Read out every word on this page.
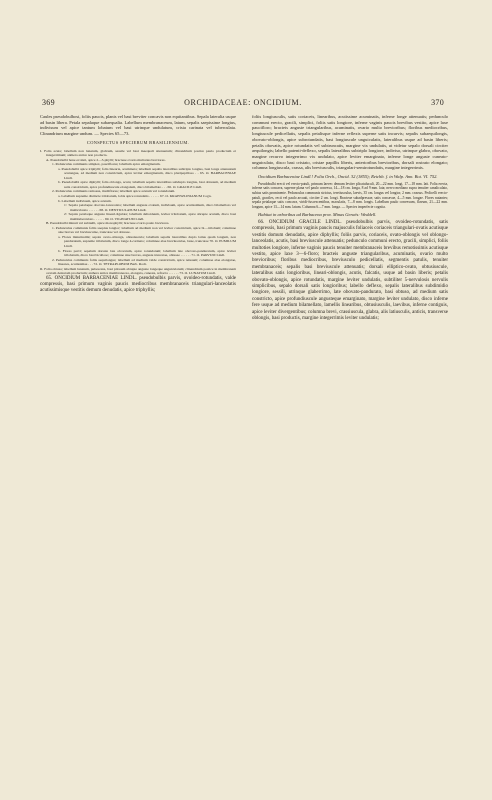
369	ORCHIDACEAE: ONCIDIUM.	370

Caules pseudobulbosi, foliis paucis, planis vel basi breviter concavis non equitantibus. Sepala lateralia usque ad basin libera. Petala sepalaque subaequalia. Labellum membranaceum, latum, sepalis saepissime longius, indivisum vel apice tantum lobatum vel basi utrinque undulatum, crista carinata vel tuberculata. Clinandrium margine undum. — Species 65—73.

CONSPECTUS SPECIERUM BRASILIENSIUM.
I. Folia acuta; labellum non lunatum, glabrum, sessile vel basi inaequali attenuatum; clinandrium postice paulo productum et integerrimum; anthera antice non producta.
A. Pseudobulbi bene evoluti, apice 2—3-phylli; bracteae ovario multoties breviores.
1. Pedunculus communis simplex, pauciflorus; labellum apice emarginatum.
a. Pseudobulbi apice triphylli; folia linearia, acuminata; labellum sepalis lateralibus subtriplo longius, basi longe attenuatum acutangue, ad medium non constrictum, apice leviter emarginatum, disco pluripapilloso . . 65. O. BARBACENIAE Lindl.
b. Pseudobulbi apice diphylli; folia oblonga, acuta; labellum sepalis lateralibus subduplo longius, basi obtusum, ad medium satis constrictum, apice profundiuscule elongatum, disco bilamellato . . . 66. O. GRACILE Lindl.
2. Pedunculus communis ramosus, multiflorus; labellum apice acutum vel rotundatum.
a. Labellum supreme distincte trilobatum, lobis apice rotundatis . . . . . . 67. O. KRAENZLINIANUM Cogn.
b. Labellum indivisum, apice acutum.
1'. Sepala petalaque obovato-lanceolata; labellum anguste ovatum, indivisum, apice acutissimum, disco bilamellato vel multicristato . . . . . . 68. O. DENTICULATUM Lindl.
2'. Sepala petalaque anguste lineari-ligulata; labellum deltoideum, leviter trilobatum, apice abrupte acutum, disco basi multituberculato . . . . . . 69. O. VIGINATUM Lindl.
B. Pseudobulbi minuti vel subnulli, apice monophylli; bracteae ovario paulo breviores.
1. Pedunculus communis foliis saepius longior; labellum ad medium non vel leviter constrictum, apice bi—trilobum; columnae alae breves vel breviusculae, truncatae vel obtusae.
a. Flores minutissimi; sepala ovato-oblonga, obtusiuscula; labellum sepalis lateralibus duplo latius quam longum, non panduratum, supreme trilobatum, disco longe 4-carinato; columnae alae breviusculae, latae, truncatae 70. O. PUMILUM Lindl.
b. Flores parvi; sepalum dorsale late obovatum, apice rotundatum; labellum late obovato-panduratum, apice leviter trilobatum, disco basi bicalloso; columnae alae breves, anguste truncatae, obtusae . . . . . . 71. O. PARVUM Lindl.
2. Pedunculus communis foliis aequilongus; labellum ad medium valde constrictum, apice retusum; columnae alae elongatae, lineares, acutissimae . . . 72. O. TETRAPLOBUM Barb. Rodr.
II. Folia obtusa; labellum lunatum, pubescens, basi pilosum abrupte anguste longeque unguiculatum; clinandrium postice in membranam ovatam dentatam productum; anthera antice membranacea, elongata, cuneata, refracta . . . . . . 73. O. LUNATUM Lindl.

65. ONCIDIUM BARBACENIAE LINDL. pseudobulbis parvis, ovoideo-rotundatis, valde compressis, basi primum vaginis paucis mediocribus membranaceis triangulari-lanceolatis acutissimisque vestitis demum denudatis, apice triphyllis;

foliis longiusculis, satis coriaceis, linearibus, acutissime acuminatis, inferne longe attenuatis; pedunculo communi erecto, gracili, simplici, foliis satis longiore, inferne vaginis paucis brevibus vestito, apice laxe paucifloro; bracteis anguste triangularibus, acuminatis, ovario multo brevioribus; floribus mediocribus, longiuscule pedicellatis, sepalis petalisque inferne reflexis superne satis incurvis; sepalis subaequilongis, obovato-oblongis, apice subrotundatis, basi longiuscule unguiculatis, lateralibus usque ad basin liberis; petalis obovatis, apice rotundatis vel subtruncatis, margine vix undulatis, ut videtur sepalo dorsali circiter aequilongis; labello patenti-deflexo, sepalis lateralibus subtriplo longiore, indiviso, utrinque glabro, obovato, margine recurvo integerrimo vix undulato, apice leviter emarginato, inferne longe anguste cuneato-unguiculato, disco basi cristato, cristae papillis liberis, anterioribus brevioribus, dorsali rostrato elongato; columna longiuscula, crassa, alis breviusculis, triangulari-semirotundatis, margine integerrimis.

Oncidium Barbaceniae Lindl.! Folia Orch., Oncid. 32 (1855); Reichb. f. in Walp. Ann. Bot. VI. 752.

Pseudobulbi erecti vel erecto-patuli, primum laevec demum leviter plicatuluculi, 20—22 mm. longi, 17—18 mm. lati. Folia erecta, inferne satis concava, superne plana vel paulo convexa, 14—18 cm. longa, 8 ad 9 mm. lata; nervo mediano supra tenuiter canaliculato, subtus satis prominente. Pedunculus communis strictus, teretiusculus, laevis, 35 cm. longus vel longior, 2 mm. crassus. Pedicelli erecto-patuli, graciles, recti vel paulo arcuati, circiter 2 cm. longi. Bracteae subadpressae, satis concavae, 4—5 mm. longae. Flores nutantes; sepala petalaque satis concava, viridi-fuscescentibus, maculatis, 7—8 mm. longis. Labellum paulo convexum, flavum, 21—22 mm. longum, apice 13—14 mm. latum. Columna 6—7 mm. longa. — Species imperfecte cognita.

Habitat in arboribus ad Barbacena prov. Minas Geraës: Weddell.

66. ONCIDIUM GRACILE LINDL. pseudobulbis parvis, ovoideo-rotundatis, satis compressis, basi primum vaginis paucis majusculis foliaceis coriaceis triangulari-ovatis acutisque vestitis domum denudatis, apice diphyllis; foliis parvis, coriaceis, ovato-oblongis vel oblongo-lanceolatis, acutis, basi breviuscule attenuatis; pedunculo communi erecto, gracili, simplici, foliis multoties longiore, inferne vaginis paucis tenuiter membranaceis brevibus remotissimis acutisque vestito, apice laxe 3—6-floro; bracteis anguste triangularibus, acuminatis, ovario multo brevioribus; floribus mediocribus, breviusculo pedicellatis, segmentis patulis, tenuiter membranaceis; sepalis basi breviuscule attenuatis; dorsali elliptico-ovato, obtusiuscule, lateralibus satis longioribus, lineari-oblongis, acutis, falcatis, usque ad basin liberis; petalis obovato-oblongis, apice rotundatis, margine leviter undulatis, subtiliter 5-nervulosis nervulis simplicibus, sepalo dorsali satis longioribus; labello deflexo, sepalis lateralibus subdimidio longiore, sessili, utrinque glaberrimo, late obovato-pandurato, basi obtuso, ad medium satis constricto, apice profundiuscule angusteque emarginato, margine leviter undulato, disco inferne fere usque ad medium bilamellato, lamellis linearibus, obtusiusculis, laevibus, inferne contiguis, apice leviter divergentibus; columna brevi, crassiuscula, glabra, alis latiusculis, anticis, transverse oblongis, basi productis, margine integerrimis leviter undulatis;
